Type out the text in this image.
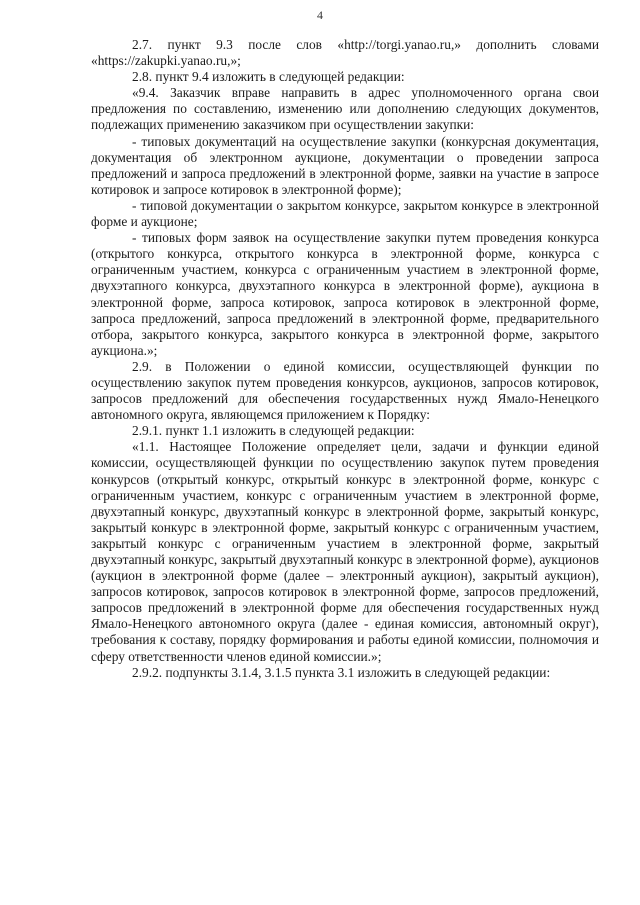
4

2.7. пункт 9.3 после слов «http://torgi.yanao.ru,» дополнить словами «https://zakupki.yanao.ru,»;

2.8. пункт 9.4 изложить в следующей редакции:

«9.4. Заказчик вправе направить в адрес уполномоченного органа свои предложения по составлению, изменению или дополнению следующих документов, подлежащих применению заказчиком при осуществлении закупки:

- типовых документаций на осуществление закупки (конкурсная документация, документация об электронном аукционе, документации о проведении запроса предложений и запроса предложений в электронной форме, заявки на участие в запросе котировок и запросе котировок в электронной форме);

- типовой документации о закрытом конкурсе, закрытом конкурсе в электронной форме и аукционе;

- типовых форм заявок на осуществление закупки путем проведения конкурса (открытого конкурса, открытого конкурса в электронной форме, конкурса с ограниченным участием, конкурса с ограниченным участием в электронной форме, двухэтапного конкурса, двухэтапного конкурса в электронной форме), аукциона в электронной форме, запроса котировок, запроса котировок в электронной форме, запроса предложений, запроса предложений в электронной форме, предварительного отбора, закрытого конкурса, закрытого конкурса в электронной форме, закрытого аукциона.»;

2.9. в Положении о единой комиссии, осуществляющей функции по осуществлению закупок путем проведения конкурсов, аукционов, запросов котировок, запросов предложений для обеспечения государственных нужд Ямало-Ненецкого автономного округа, являющемся приложением к Порядку:

2.9.1. пункт 1.1 изложить в следующей редакции:

«1.1. Настоящее Положение определяет цели, задачи и функции единой комиссии, осуществляющей функции по осуществлению закупок путем проведения конкурсов (открытый конкурс, открытый конкурс в электронной форме, конкурс с ограниченным участием, конкурс с ограниченным участием в электронной форме, двухэтапный конкурс, двухэтапный конкурс в электронной форме, закрытый конкурс, закрытый конкурс в электронной форме, закрытый конкурс с ограниченным участием, закрытый конкурс с ограниченным участием в электронной форме, закрытый двухэтапный конкурс, закрытый двухэтапный конкурс в электронной форме), аукционов (аукцион в электронной форме (далее – электронный аукцион), закрытый аукцион), запросов котировок, запросов котировок в электронной форме, запросов предложений, запросов предложений в электронной форме для обеспечения государственных нужд Ямало-Ненецкого автономного округа (далее - единая комиссия, автономный округ), требования к составу, порядку формирования и работы единой комиссии, полномочия и сферу ответственности членов единой комиссии.»;

2.9.2. подпункты 3.1.4, 3.1.5 пункта 3.1 изложить в следующей редакции:
